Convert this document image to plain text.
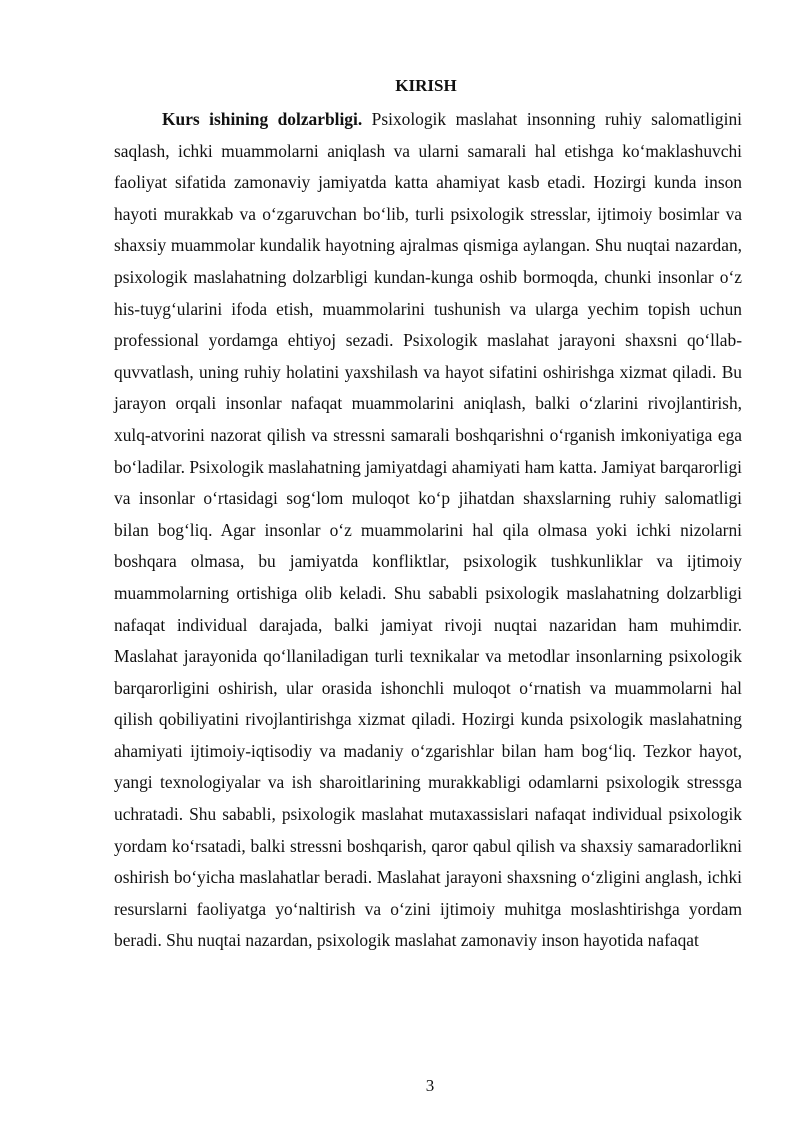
KIRISH

Kurs ishining dolzarbligi. Psixologik maslahat insonning ruhiy salomatligini saqlash, ichki muammolarni aniqlash va ularni samarali hal etishga ko‘maklashuvchi faoliyat sifatida zamonaviy jamiyatda katta ahamiyat kasb etadi. Hozirgi kunda inson hayoti murakkab va o‘zgaruvchan bo‘lib, turli psixologik stresslar, ijtimoiy bosimlar va shaxsiy muammolar kundalik hayotning ajralmas qismiga aylangan. Shu nuqtai nazardan, psixologik maslahatning dolzarbligi kundan-kunga oshib bormoqda, chunki insonlar o‘z his-tuyg‘ularini ifoda etish, muammolarini tushunish va ularga yechim topish uchun professional yordamga ehtiyoj sezadi. Psixologik maslahat jarayoni shaxsni qo‘llab-quvvatlash, uning ruhiy holatini yaxshilash va hayot sifatini oshirishga xizmat qiladi. Bu jarayon orqali insonlar nafaqat muammolarini aniqlash, balki o‘zlarini rivojlantirish, xulq-atvorini nazorat qilish va stressni samarali boshqarishni o‘rganish imkoniyatiga ega bo‘ladilar. Psixologik maslahatning jamiyatdagi ahamiyati ham katta. Jamiyat barqarorligi va insonlar o‘rtasidagi sog‘lom muloqot ko‘p jihatdan shaxslarning ruhiy salomatligi bilan bog‘liq. Agar insonlar o‘z muammolarini hal qila olmasa yoki ichki nizolarni boshqara olmasa, bu jamiyatda konfliktlar, psixologik tushkunliklar va ijtimoiy muammolarning ortishiga olib keladi. Shu sababli psixologik maslahatning dolzarbligi nafaqat individual darajada, balki jamiyat rivoji nuqtai nazaridan ham muhimdir. Maslahat jarayonida qo‘llaniladigan turli texnikalar va metodlar insonlarning psixologik barqarorligini oshirish, ular orasida ishonchli muloqot o‘rnatish va muammolarni hal qilish qobiliyatini rivojlantirishga xizmat qiladi. Hozirgi kunda psixologik maslahatning ahamiyati ijtimoiy-iqtisodiy va madaniy o‘zgarishlar bilan ham bog‘liq. Tezkor hayot, yangi texnologiyalar va ish sharoitlarining murakkabligi odamlarni psixologik stressga uchratadi. Shu sababli, psixologik maslahat mutaxassislari nafaqat individual psixologik yordam ko‘rsatadi, balki stressni boshqarish, qaror qabul qilish va shaxsiy samaradorlikni oshirish bo‘yicha maslahatlar beradi. Maslahat jarayoni shaxsning o‘zligini anglash, ichki resurslarni faoliyatga yo‘naltirish va o‘zini ijtimoiy muhitga moslashtirishga yordam beradi. Shu nuqtai nazardan, psixologik maslahat zamonaviy inson hayotida nafaqat

3
